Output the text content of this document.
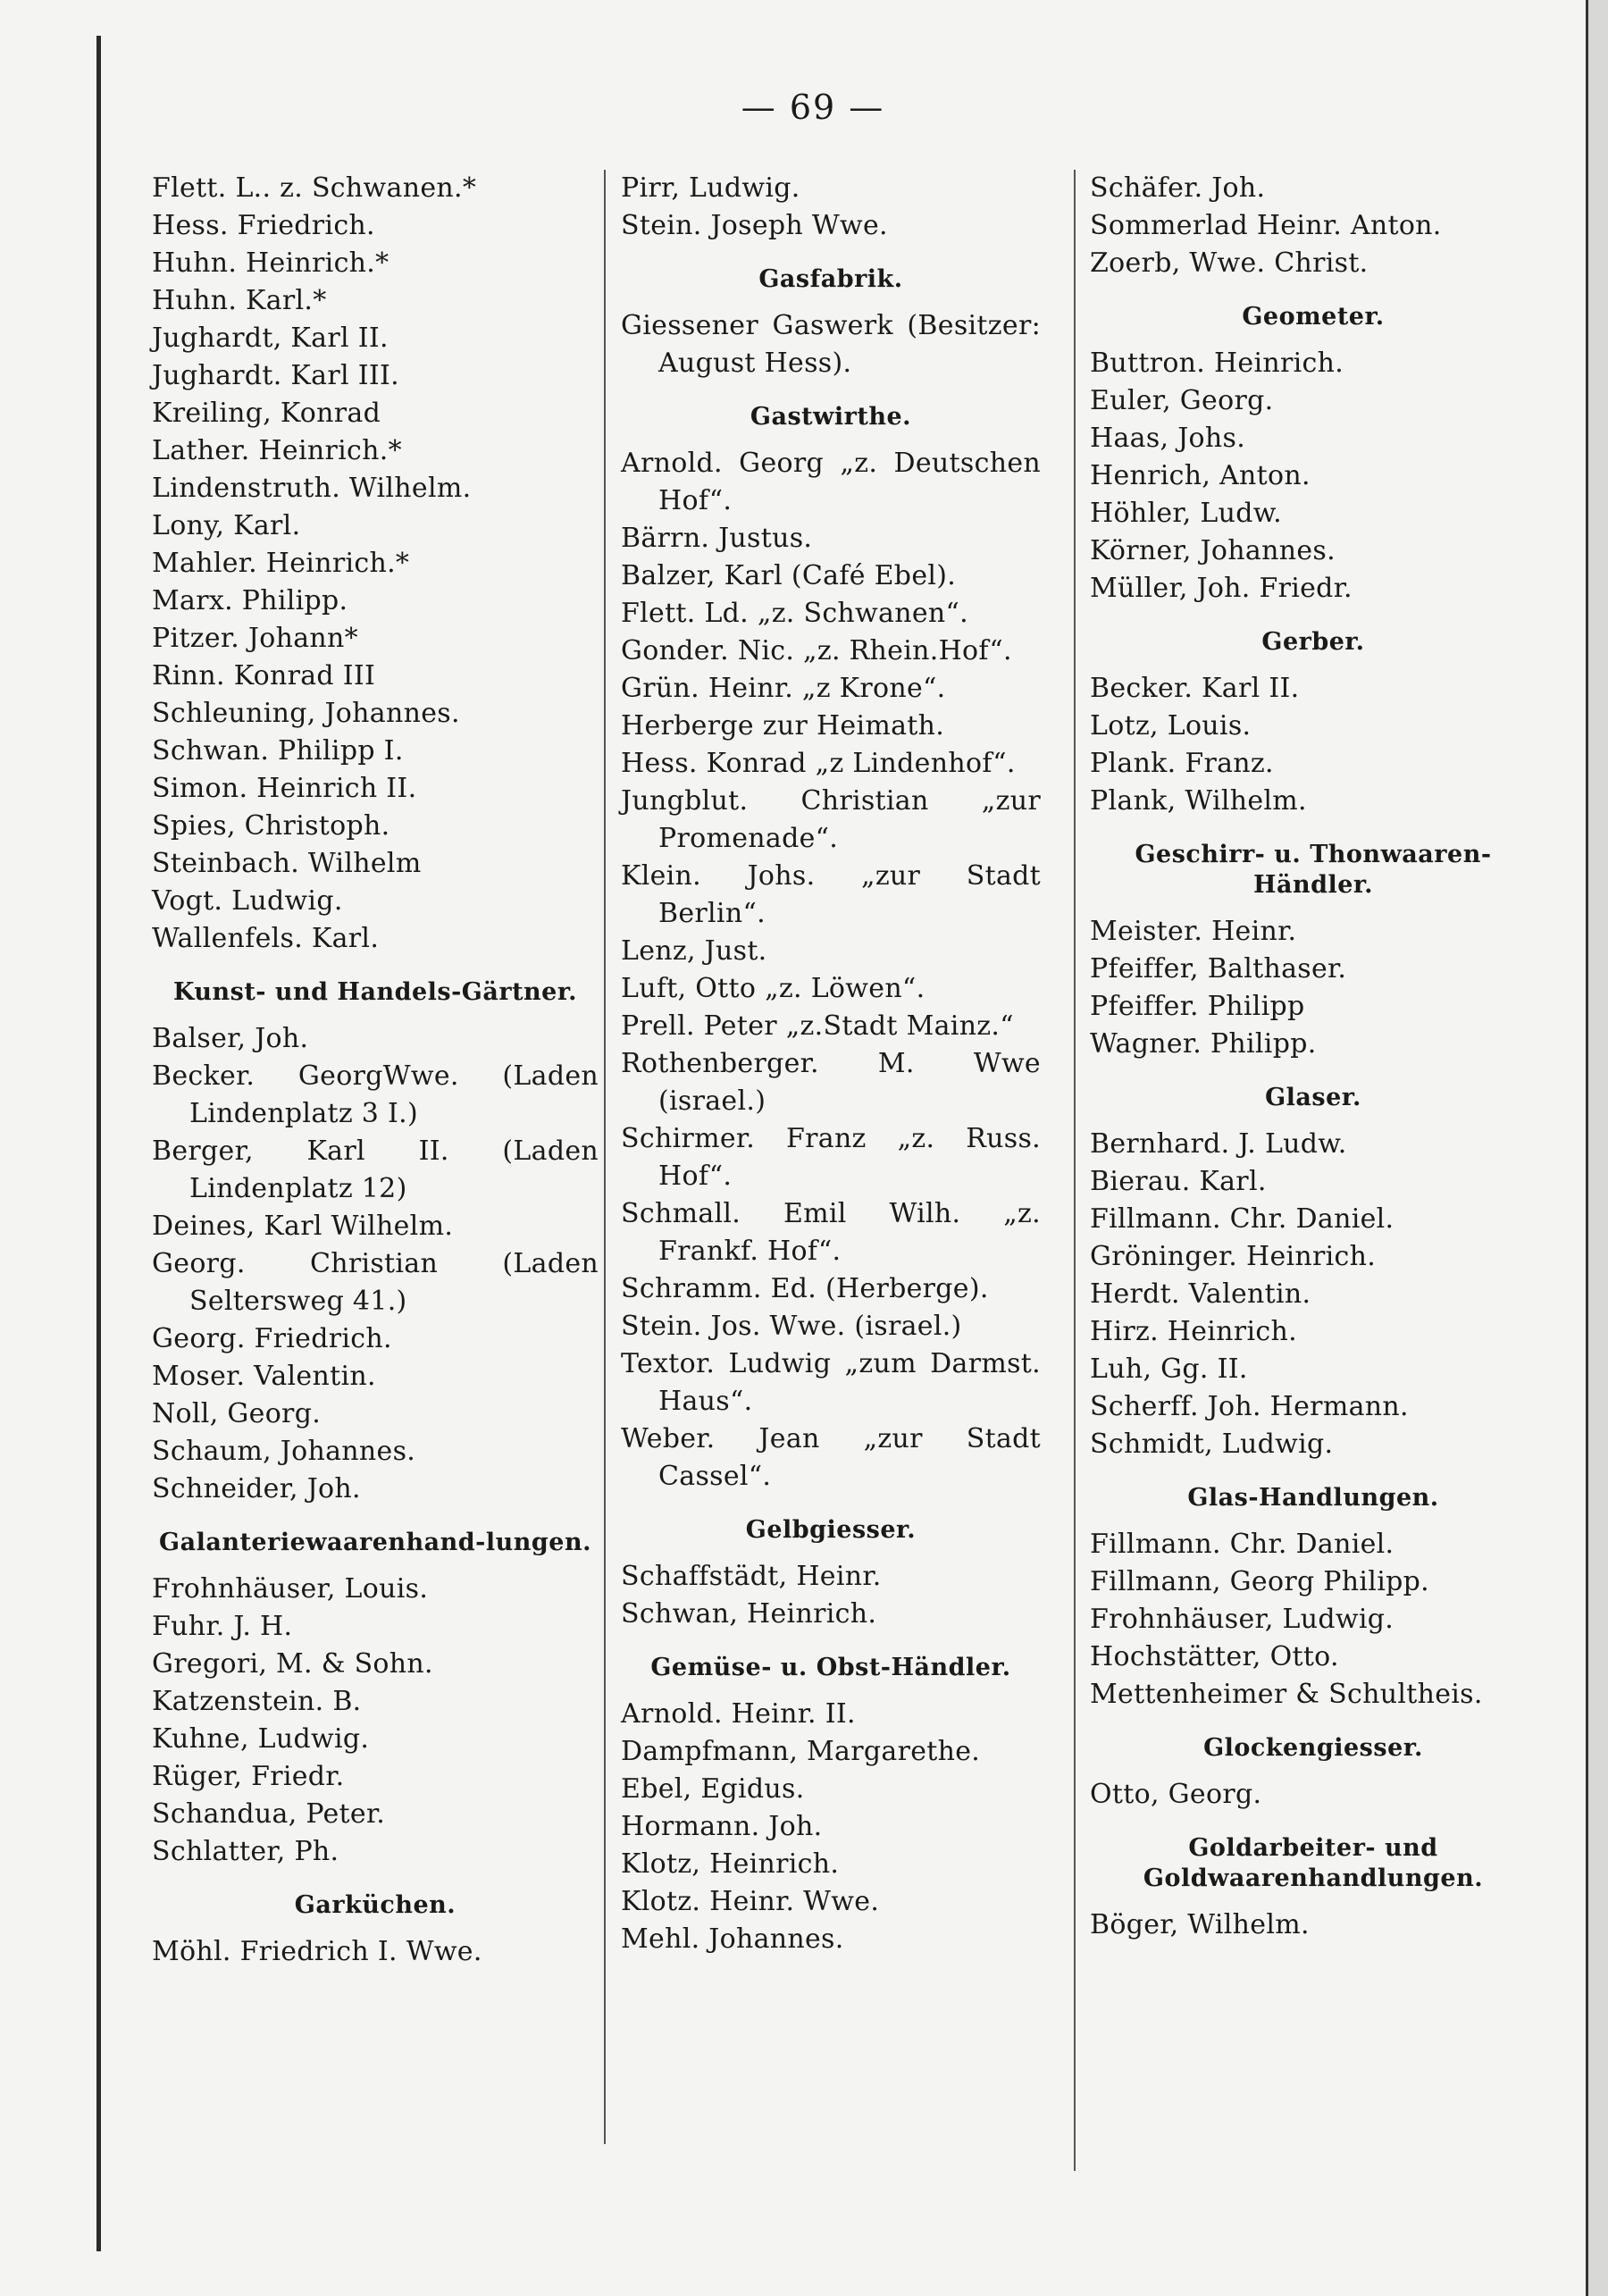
— 69 —
Flett. L.. z. Schwanen.*
Hess. Friedrich.
Huhn. Heinrich.*
Huhn. Karl.*
Jughardt, Karl II.
Jughardt. Karl III.
Kreiling, Konrad
Lather. Heinrich.*
Lindenstruth. Wilhelm.
Lony, Karl.
Mahler. Heinrich.*
Marx. Philipp.
Pitzer. Johann*
Rinn. Konrad III
Schleuning, Johannes.
Schwan. Philipp I.
Simon. Heinrich II.
Spies, Christoph.
Steinbach. Wilhelm
Vogt. Ludwig.
Wallenfels. Karl.
Kunst- und Handels-Gärtner.
Balser, Joh.
Becker. GeorgWwe. (Laden Lindenplatz 3 I.)
Berger, Karl II. (Laden Lindenplatz 12)
Deines, Karl Wilhelm.
Georg. Christian (Laden Seltersweg 41.)
Georg. Friedrich.
Moser. Valentin.
Noll, Georg.
Schaum, Johannes.
Schneider, Joh.
Galanteriewaarenhand-lungen.
Frohnhäuser, Louis.
Fuhr. J. H.
Gregori, M. & Sohn.
Katzenstein. B.
Kuhne, Ludwig.
Rüger, Friedr.
Schandua, Peter.
Schlatter, Ph.
Garküchen.
Möhl. Friedrich I. Wwe.
Pirr, Ludwig.
Stein. Joseph Wwe.
Gasfabrik.
Giessener Gaswerk (Besitzer: August Hess).
Gastwirthe.
Arnold. Georg „z. Deutschen Hof“.
Bärrn. Justus.
Balzer, Karl (Café Ebel).
Flett. Ld. „z. Schwanen“.
Gonder. Nic. „z. Rhein.Hof“.
Grün. Heinr. „z Krone“.
Herberge zur Heimath.
Hess. Konrad „z Lindenhof“.
Jungblut. Christian „zur Promenade“.
Klein. Johs. „zur Stadt Berlin“.
Lenz, Just.
Luft, Otto „z. Löwen“.
Prell. Peter „z.Stadt Mainz.“
Rothenberger. M. Wwe (israel.)
Schirmer. Franz „z. Russ. Hof“.
Schmall. Emil Wilh. „z. Frankf. Hof“.
Schramm. Ed. (Herberge).
Stein. Jos. Wwe. (israel.)
Textor. Ludwig „zum Darmst. Haus“.
Weber. Jean „zur Stadt Cassel“.
Gelbgiesser.
Schaffstädt, Heinr.
Schwan, Heinrich.
Gemüse- u. Obst-Händler.
Arnold. Heinr. II.
Dampfmann, Margarethe.
Ebel, Egidus.
Hormann. Joh.
Klotz, Heinrich.
Klotz. Heinr. Wwe.
Mehl. Johannes.
Schäfer. Joh.
Sommerlad Heinr. Anton.
Zoerb, Wwe. Christ.
Geometer.
Buttron. Heinrich.
Euler, Georg.
Haas, Johs.
Henrich, Anton.
Höhler, Ludw.
Körner, Johannes.
Müller, Joh. Friedr.
Gerber.
Becker. Karl II.
Lotz, Louis.
Plank. Franz.
Plank, Wilhelm.
Geschirr- u. Thonwaaren-Händler.
Meister. Heinr.
Pfeiffer, Balthaser.
Pfeiffer. Philipp
Wagner. Philipp.
Glaser.
Bernhard. J. Ludw.
Bierau. Karl.
Fillmann. Chr. Daniel.
Gröninger. Heinrich.
Herdt. Valentin.
Hirz. Heinrich.
Luh, Gg. II.
Scherff. Joh. Hermann.
Schmidt, Ludwig.
Glas-Handlungen.
Fillmann. Chr. Daniel.
Fillmann, Georg Philipp.
Frohnhäuser, Ludwig.
Hochstätter, Otto.
Mettenheimer & Schultheis.
Glockengiesser.
Otto, Georg.
Goldarbeiter- und Goldwaarenhandlungen.
Böger, Wilhelm.
